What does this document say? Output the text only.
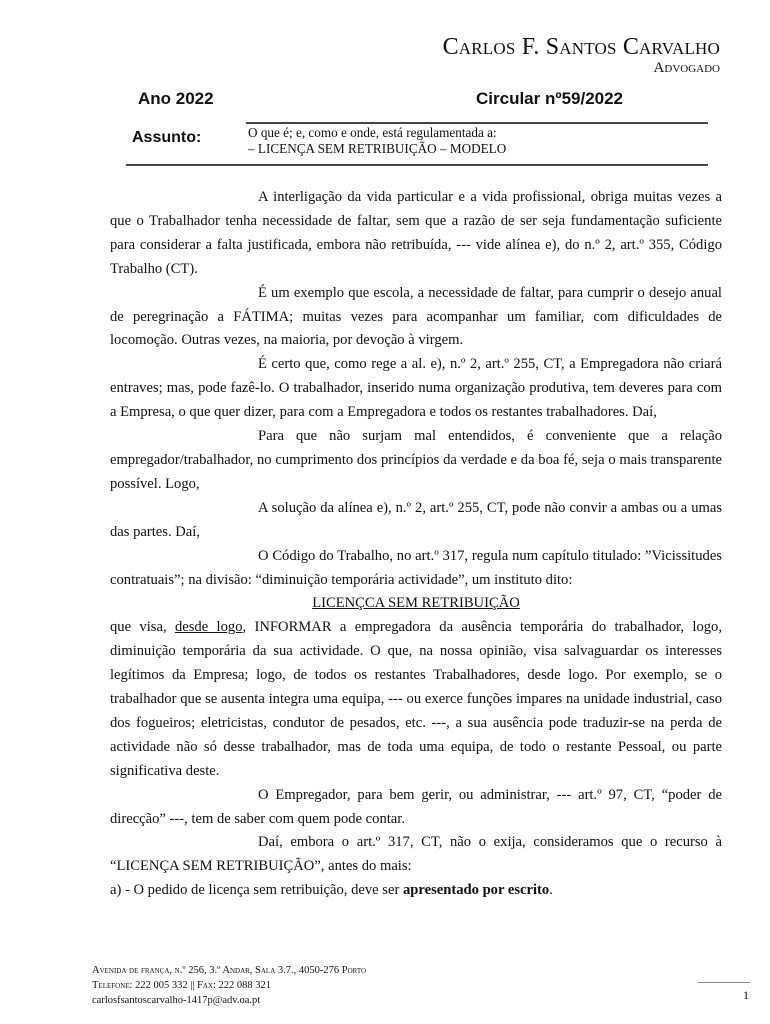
Carlos F. Santos Carvalho
Advogado
Ano 2022	Circular nº59/2022
Assunto:	O que é; e, como e onde, está regulamentada a:
– LICENÇA SEM RETRIBUIÇÃO – MODELO

A interligação da vida particular e a vida profissional, obriga muitas vezes a que o Trabalhador tenha necessidade de faltar, sem que a razão de ser seja fundamentação suficiente para considerar a falta justificada, embora não retribuída, --- vide alínea e), do n.º 2, art.º 355, Código Trabalho (CT).

É um exemplo que escola, a necessidade de faltar, para cumprir o desejo anual de peregrinação a FÁTIMA; muitas vezes para acompanhar um familiar, com dificuldades de locomoção. Outras vezes, na maioria, por devoção à virgem.

É certo que, como rege a al. e), n.º 2, art.º 255, CT, a Empregadora não criará entraves; mas, pode fazê-lo. O trabalhador, inserido numa organização produtiva, tem deveres para com a Empresa, o que quer dizer, para com a Empregadora e todos os restantes trabalhadores. Daí,

Para que não surjam mal entendidos, é conveniente que a relação empregador/trabalhador, no cumprimento dos princípios da verdade e da boa fé, seja o mais transparente possível. Logo,

A solução da alínea e), n.º 2, art.º 255, CT, pode não convir a ambas ou a umas das partes. Daí,

O Código do Trabalho, no art.º 317, regula num capítulo titulado: ”Vicissitudes contratuais”; na divisão: “diminuição temporária actividade”, um instituto dito:

LICENÇCA SEM RETRIBUIÇÃO

que visa, desde logo, INFORMAR a empregadora da ausência temporária do trabalhador, logo, diminuição temporária da sua actividade. O que, na nossa opinião, visa salvaguardar os interesses legítimos da Empresa; logo, de todos os restantes Trabalhadores, desde logo. Por exemplo, se o trabalhador que se ausenta integra uma equipa, --- ou exerce funções impares na unidade industrial, caso dos fogueiros; eletricistas, condutor de pesados, etc. ---, a sua ausência pode traduzir-se na perda de actividade não só desse trabalhador, mas de toda uma equipa, de todo o restante Pessoal, ou parte significativa deste.

O Empregador, para bem gerir, ou administrar, --- art.º 97, CT, “poder de direcção” ---, tem de saber com quem pode contar.

Daí, embora o art.º 317, CT, não o exija, consideramos que o recurso à “LICENÇA SEM RETRIBUIÇÃO”, antes do mais:

a) - O pedido de licença sem retribuição, deve ser apresentado por escrito.

Avenida de frança, n.º 256, 3.º Andar, Sala 3.7., 4050-276 Porto
Telefone: 222 005 332 || Fax: 222 088 321
carlosfsantoscarvalho-1417p@adv.oa.pt	1
